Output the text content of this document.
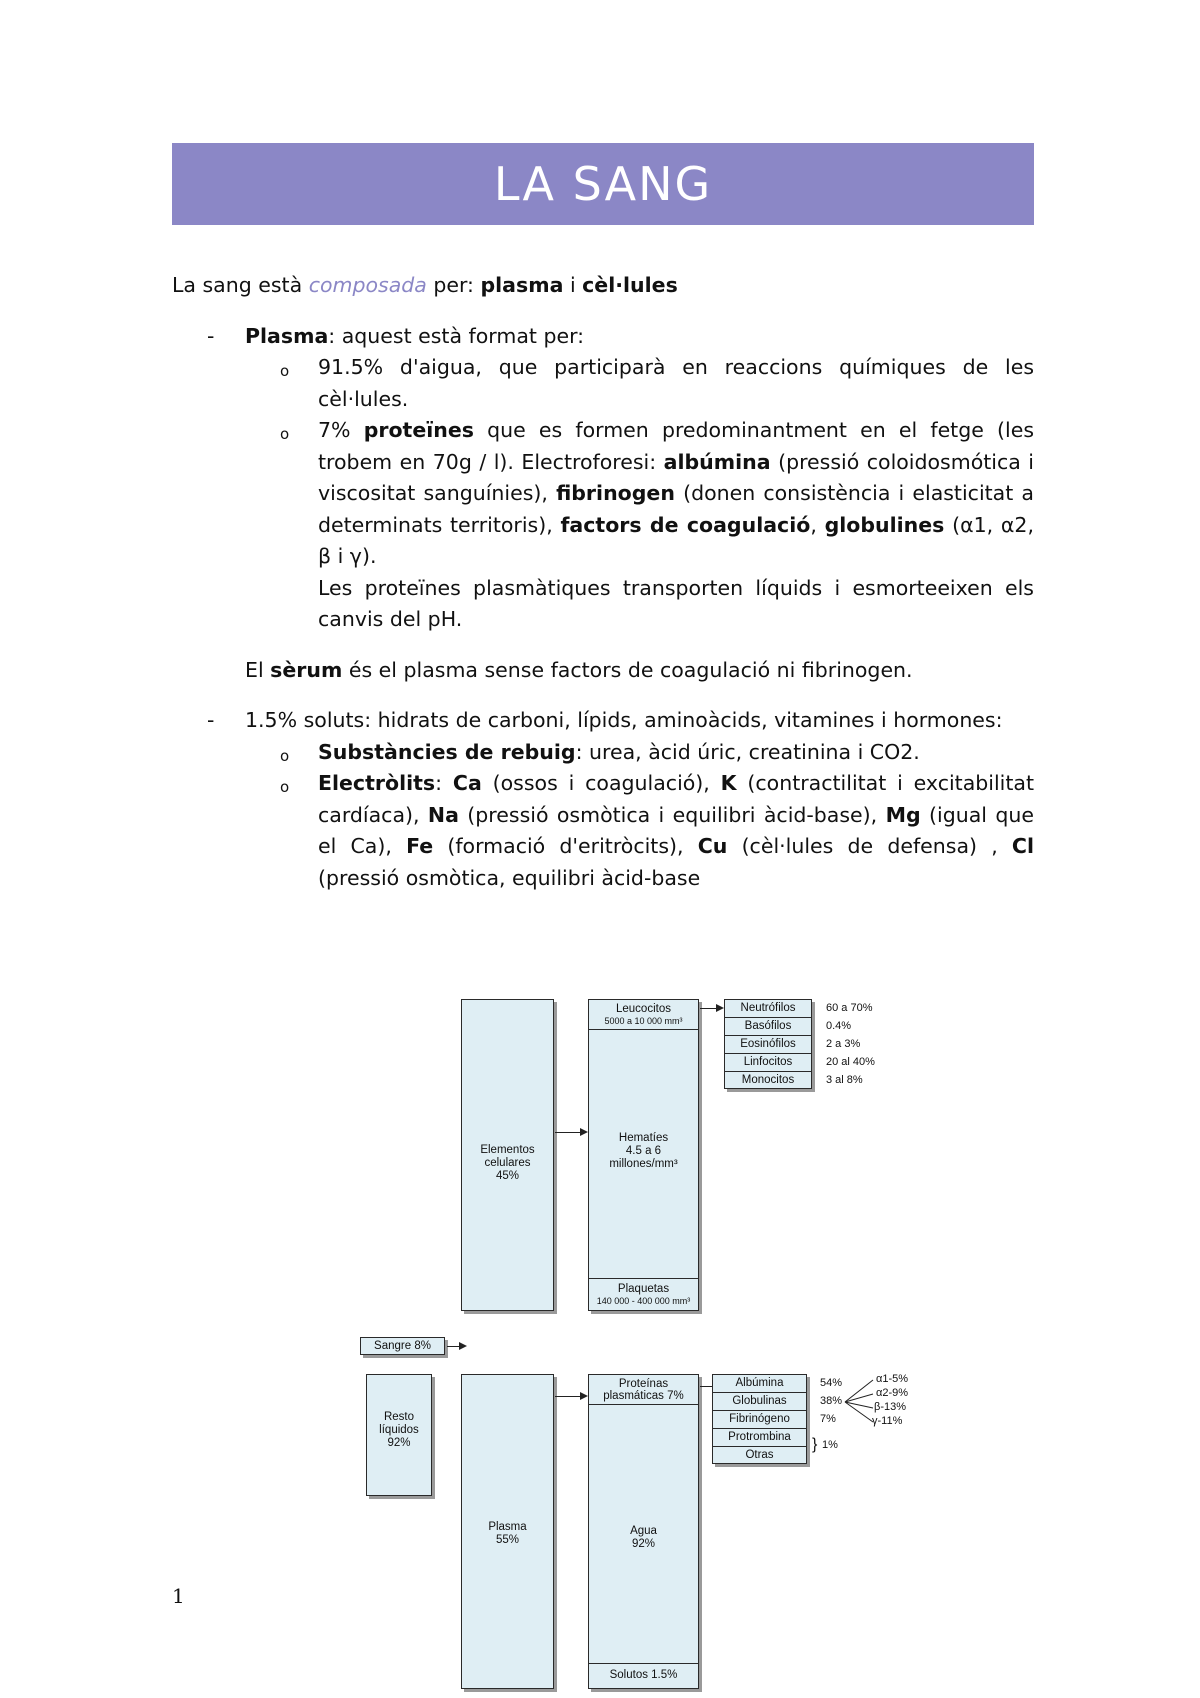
LA SANG

La sang està composada per: plasma i cèl·lules

- Plasma: aquest està format per:

o 91.5% d'aigua, que participarà en reaccions químiques de les cèl·lules.

o 7% proteïnes que es formen predominantment en el fetge (les trobem en 70g / l). Electroforesi: albúmina (pressió coloidosmótica i viscositat sanguínies), fibrinogen (donen consistència i elasticitat a determinats territoris), factors de coagulació, globulines (α1, α2, β i γ).

Les proteïnes plasmàtiques transporten líquids i esmorteeixen els canvis del pH.

El sèrum és el plasma sense factors de coagulació ni fibrinogen.

- 1.5% soluts: hidrats de carboni, lípids, aminoàcids, vitamines i hormones:

o Substàncies de rebuig: urea, àcid úric, creatinina i CO2.

o Electròlits: Ca (ossos i coagulació), K (contractilitat i excitabilitat cardíaca), Na (pressió osmòtica i equilibri àcid-base), Mg (igual que el Ca), Fe (formació d'eritròcits), Cu (cèl·lules de defensa) , Cl (pressió osmòtica, equilibri àcid-base

1
Sangre 8%
Resto
líquidos
92%
Elementos
celulares
45%
Plasma
55%
Leucocitos
5000 a 10 000 mm³
Hematíes
4.5 a 6
millones/mm³
Plaquetas
140 000 - 400 000 mm³
Proteínas
plasmáticas 7%
Agua
92%
Solutos 1.5%
Neutrófilos
Basófilos
Eosinófilos
Linfocitos
Monocitos
60 a 70%
0.4%
2 a 3%
20 al 40%
3 al 8%
Albúmina
Globulinas
Fibrinógeno
Protrombina
Otras
54%
38%
7%
} 1%
α1-5%
α2-9%
β-13%
γ-11%
